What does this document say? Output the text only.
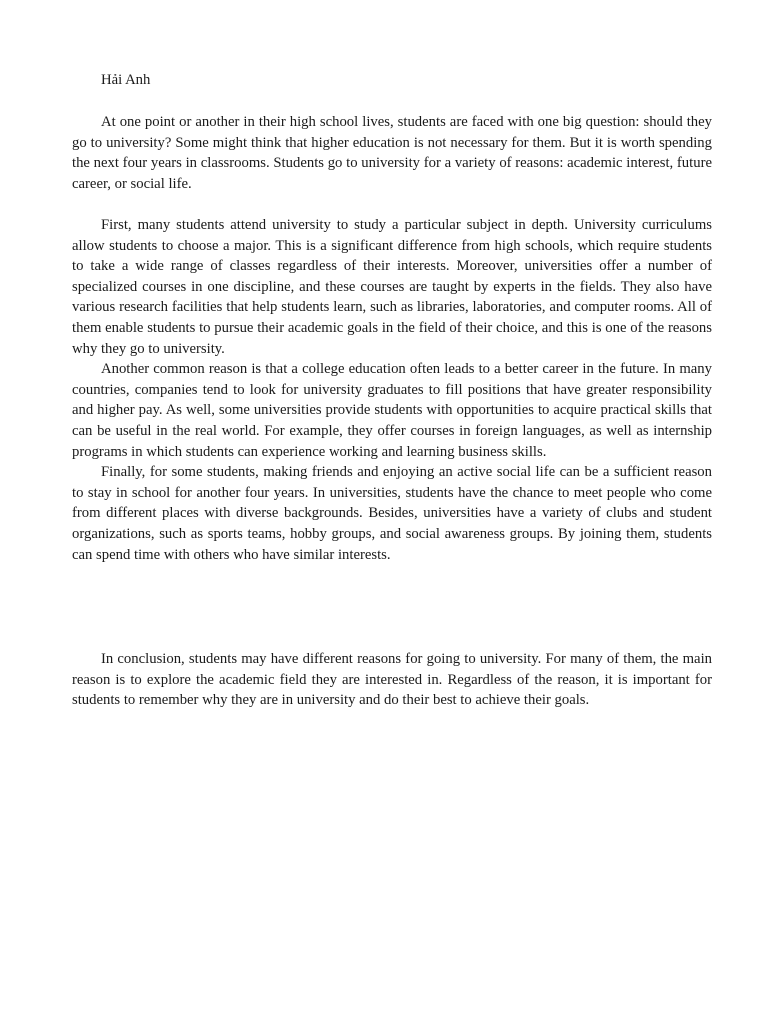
Hải Anh

At one point or another in their high school lives, students are faced with one big question: should they go to university? Some might think that higher education is not necessary for them. But it is worth spending the next four years in classrooms. Students go to university for a variety of reasons: academic interest, future career, or social life.

First, many students attend university to study a particular subject in depth. University curriculums allow students to choose a major. This is a significant difference from high schools, which require students to take a wide range of classes regardless of their interests. Moreover, universities offer a number of specialized courses in one discipline, and these courses are taught by experts in the fields. They also have various research facilities that help students learn, such as libraries, laboratories, and computer rooms. All of them enable students to pursue their academic goals in the field of their choice, and this is one of the reasons why they go to university.

Another common reason is that a college education often leads to a better career in the future. In many countries, companies tend to look for university graduates to fill positions that have greater responsibility and higher pay. As well, some universities provide students with opportunities to acquire practical skills that can be useful in the real world. For example, they offer courses in foreign languages, as well as internship programs in which students can experience working and learning business skills.

Finally, for some students, making friends and enjoying an active social life can be a sufficient reason to stay in school for another four years. In universities, students have the chance to meet people who come from different places with diverse backgrounds. Besides, universities have a variety of clubs and student organizations, such as sports teams, hobby groups, and social awareness groups. By joining them, students can spend time with others who have similar interests.

In conclusion, students may have different reasons for going to university. For many of them, the main reason is to explore the academic field they are interested in. Regardless of the reason, it is important for students to remember why they are in university and do their best to achieve their goals.
